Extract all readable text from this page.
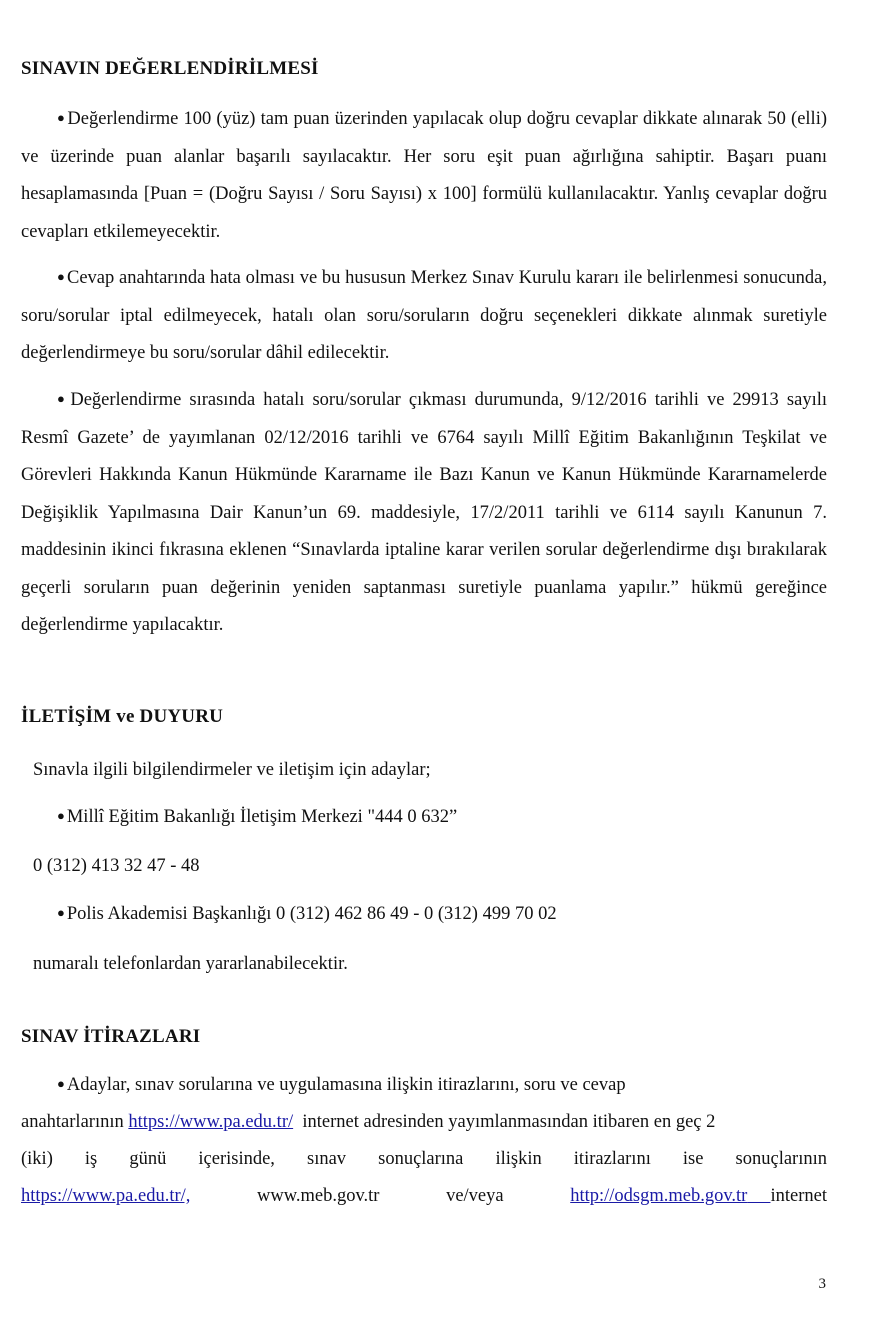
SINAVIN DEĞERLENDİRİLMESİ

● Değerlendirme 100 (yüz) tam puan üzerinden yapılacak olup doğru cevaplar dikkate alınarak 50 (elli) ve üzerinde puan alanlar başarılı sayılacaktır. Her soru eşit puan ağırlığına sahiptir. Başarı puanı hesaplamasında [Puan = (Doğru Sayısı / Soru Sayısı) x 100] formülü kullanılacaktır. Yanlış cevaplar doğru cevapları etkilemeyecektir.

● Cevap anahtarında hata olması ve bu hususun Merkez Sınav Kurulu kararı ile belirlenmesi sonucunda, soru/sorular iptal edilmeyecek, hatalı olan soru/soruların doğru seçenekleri dikkate alınmak suretiyle değerlendirmeye bu soru/sorular dâhil edilecektir.

● Değerlendirme sırasında hatalı soru/sorular çıkması durumunda, 9/12/2016 tarihli ve 29913 sayılı Resmî Gazete’ de yayımlanan 02/12/2016 tarihli ve 6764 sayılı Millî Eğitim Bakanlığının Teşkilat ve Görevleri Hakkında Kanun Hükmünde Kararname ile Bazı Kanun ve Kanun Hükmünde Kararnamelerde Değişiklik Yapılmasına Dair Kanun’un 69. maddesiyle, 17/2/2011 tarihli ve 6114 sayılı Kanunun 7. maddesinin ikinci fıkrasına eklenen “Sınavlarda iptaline karar verilen sorular değerlendirme dışı bırakılarak geçerli soruların puan değerinin yeniden saptanması suretiyle puanlama yapılır.” hükmü gereğince değerlendirme yapılacaktır.

İLETİŞİM ve DUYURU
Sınavla ilgili bilgilendirmeler ve iletişim için adaylar;
● Millî Eğitim Bakanlığı İletişim Merkezi "444 0 632”
0 (312) 413 32 47 - 48
● Polis Akademisi Başkanlığı 0 (312) 462 86 49 - 0 (312) 499 70 02
numaralı telefonlardan yararlanabilecektir.
SINAV İTİRAZLARI
● Adaylar, sınav sorularına ve uygulamasına ilişkin itirazlarını, soru ve cevap
anahtarlarının https://www.pa.edu.tr/ internet adresinden yayımlanmasından itibaren en geç 2
(iki) iş günü içerisinde, sınav sonuçlarına ilişkin itirazlarını ise sonuçlarının
https://www.pa.edu.tr/,	www.meb.gov.tr	ve/veya	http://odsgm.meb.gov.tr internet
3
